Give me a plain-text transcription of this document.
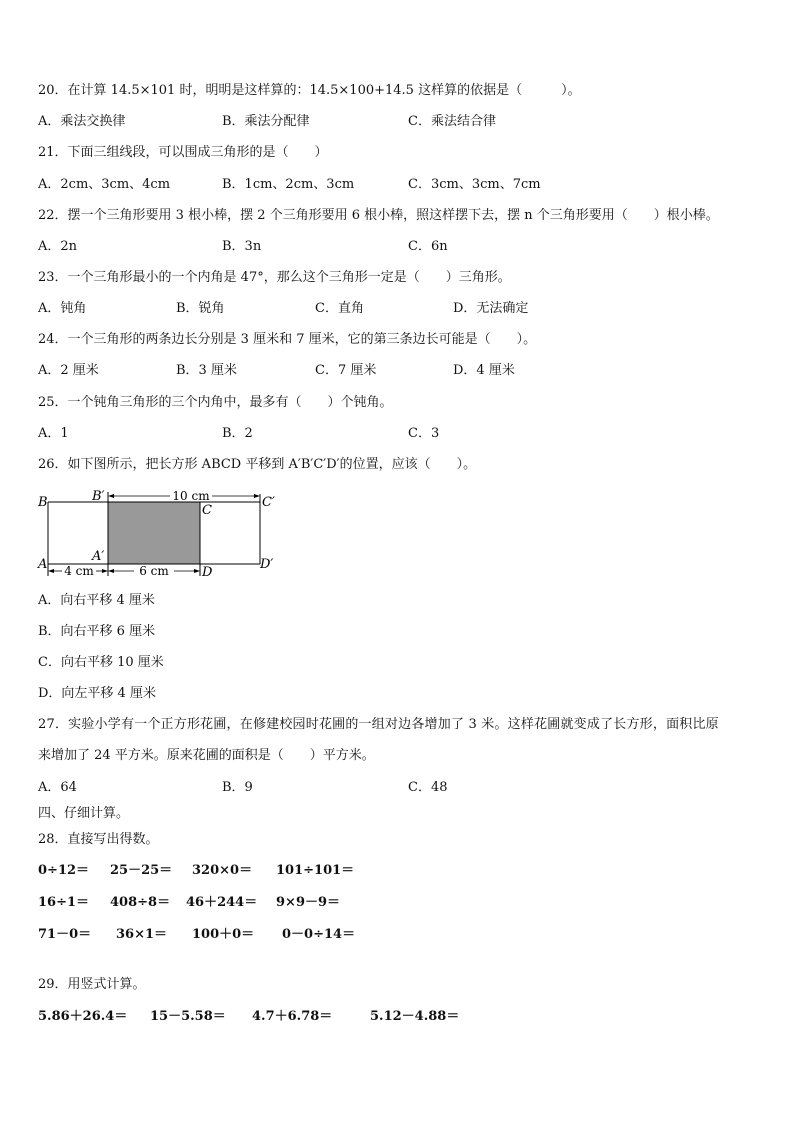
20．在计算 14.5×101 时，明明是这样算的：14.5×100+14.5 这样算的依据是（　　　）。
A．乘法交换律	B．乘法分配律	C．乘法结合律
21．下面三组线段，可以围成三角形的是（　　）
A．2cm、3cm、4cm	B．1cm、2cm、3cm	C．3cm、3cm、7cm
22．摆一个三角形要用 3 根小棒，摆 2 个三角形要用 6 根小棒，照这样摆下去，摆 n 个三角形要用（　　）根小棒。
A．2n	B．3n	C．6n
23．一个三角形最小的一个内角是 47°，那么这个三角形一定是（　　）三角形。
A．钝角	B．锐角	C．直角	D．无法确定
24．一个三角形的两条边长分别是 3 厘米和 7 厘米，它的第三条边长可能是（　　）。
A．2 厘米	B．3 厘米	C．7 厘米	D．4 厘米
25．一个钝角三角形的三个内角中，最多有（　　）个钝角。
A．1	B．2	C．3
26．如下图所示，把长方形 ABCD 平移到 A′B′C′D′的位置，应该（　　）。
10 cm
4 cm	6 cm
B	B′
C
C′
A
A′
D
D′
A．向右平移 4 厘米
B．向右平移 6 厘米
C．向右平移 10 厘米
D．向左平移 4 厘米
27．实验小学有一个正方形花圃，在修建校园时花圃的一组对边各增加了 3 米。这样花圃就变成了长方形，面积比原
来增加了 24 平方米。原来花圃的面积是（　　）平方米。
A．64	B．9	C．48
四、仔细计算。
28．直接写出得数。
0÷12＝ 25－25＝ 320×0＝ 101÷101＝
16÷1＝ 408÷8＝ 46＋244＝ 9×9－9＝
71－0＝ 36×1＝ 100＋0＝ 0－0÷14＝
29．用竖式计算。
5.86＋26.4＝ 15－5.58＝ 4.7＋6.78＝	5.12－4.88＝
